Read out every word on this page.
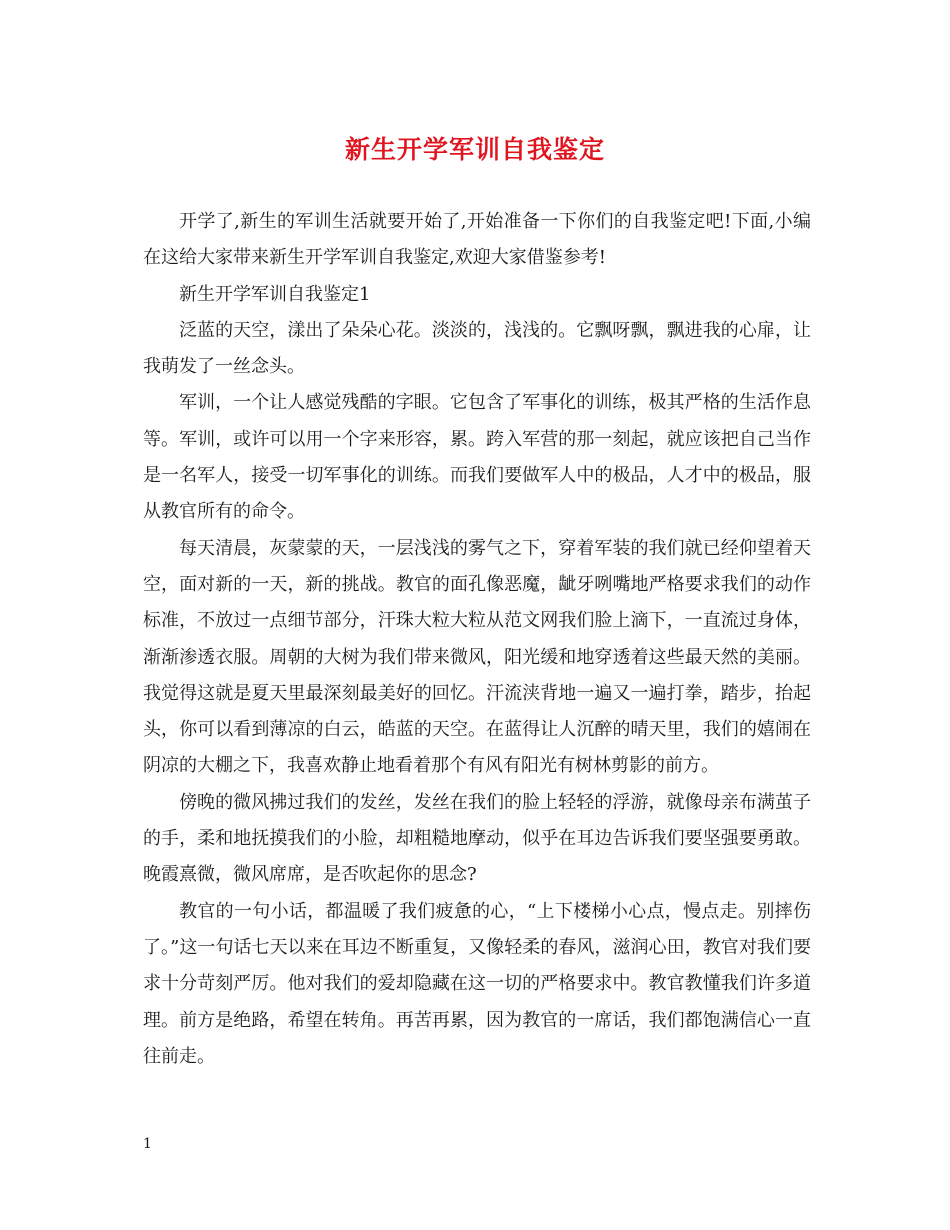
新生开学军训自我鉴定

开学了,新生的军训生活就要开始了,开始准备一下你们的自我鉴定吧!下面,小编在这给大家带来新生开学军训自我鉴定,欢迎大家借鉴参考!

新生开学军训自我鉴定1

泛蓝的天空，漾出了朵朵心花。淡淡的，浅浅的。它飘呀飘，飘进我的心扉，让我萌发了一丝念头。

军训，一个让人感觉残酷的字眼。它包含了军事化的训练，极其严格的生活作息等。军训，或许可以用一个字来形容，累。跨入军营的那一刻起，就应该把自己当作是一名军人，接受一切军事化的训练。而我们要做军人中的极品，人才中的极品，服从教官所有的命令。

每天清晨，灰蒙蒙的天，一层浅浅的雾气之下，穿着军装的我们就已经仰望着天空，面对新的一天，新的挑战。教官的面孔像恶魔，龇牙咧嘴地严格要求我们的动作标准，不放过一点细节部分，汗珠大粒大粒从范文网我们脸上滴下，一直流过身体，渐渐渗透衣服。周朝的大树为我们带来微风，阳光缓和地穿透着这些最天然的美丽。我觉得这就是夏天里最深刻最美好的回忆。汗流浃背地一遍又一遍打拳，踏步，抬起头，你可以看到薄凉的白云，皓蓝的天空。在蓝得让人沉醉的晴天里，我们的嬉闹在阴凉的大棚之下，我喜欢静止地看着那个有风有阳光有树林剪影的前方。

傍晚的微风拂过我们的发丝，发丝在我们的脸上轻轻的浮游，就像母亲布满茧子的手，柔和地抚摸我们的小脸，却粗糙地摩动，似乎在耳边告诉我们要坚强要勇敢。晚霞熹微，微风席席，是否吹起你的思念?

教官的一句小话，都温暖了我们疲惫的心，“上下楼梯小心点，慢点走。别摔伤了。”这一句话七天以来在耳边不断重复，又像轻柔的春风，滋润心田，教官对我们要求十分苛刻严厉。他对我们的爱却隐藏在这一切的严格要求中。教官教懂我们许多道理。前方是绝路，希望在转角。再苦再累，因为教官的一席话，我们都饱满信心一直往前走。

1
